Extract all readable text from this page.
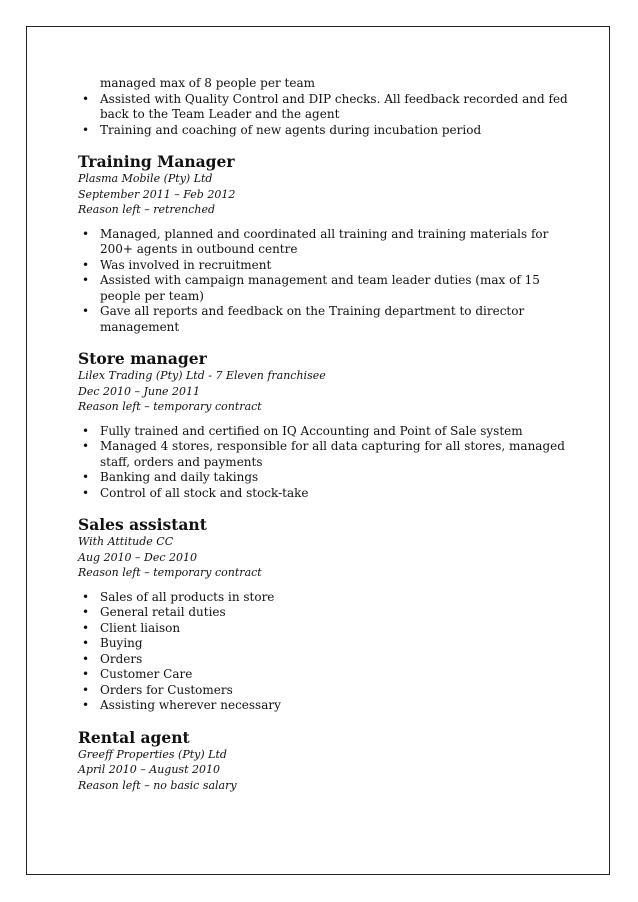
managed max of 8 people per team

• Assisted with Quality Control and DIP checks. All feedback recorded and fed back to the Team Leader and the agent
• Training and coaching of new agents during incubation period

Training Manager

Plasma Mobile (Pty) Ltd

September 2011 – Feb 2012

Reason left – retrenched

• Managed, planned and coordinated all training and training materials for 200+ agents in outbound centre
• Was involved in recruitment
• Assisted with campaign management and team leader duties (max of 15 people per team)
• Gave all reports and feedback on the Training department to director management

Store manager

Lilex Trading (Pty) Ltd - 7 Eleven franchisee

Dec 2010 – June 2011

Reason left – temporary contract

• Fully trained and certified on IQ Accounting and Point of Sale system
• Managed 4 stores, responsible for all data capturing for all stores, managed staff, orders and payments
• Banking and daily takings
• Control of all stock and stock-take

Sales assistant

With Attitude CC

Aug 2010 – Dec 2010

Reason left – temporary contract

• Sales of all products in store
• General retail duties
• Client liaison
• Buying
• Orders
• Customer Care
• Orders for Customers
• Assisting wherever necessary

Rental agent

Greeff Properties (Pty) Ltd

April 2010 – August 2010

Reason left – no basic salary
